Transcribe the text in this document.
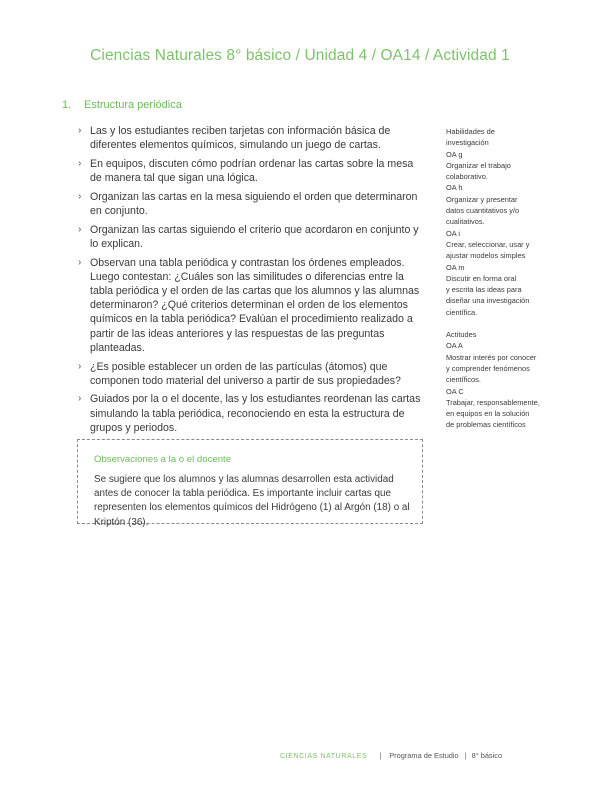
Ciencias Naturales 8° básico / Unidad 4 / OA14 / Actividad 1
1. Estructura periódica
› Las y los estudiantes reciben tarjetas con información básica de diferentes elementos químicos, simulando un juego de cartas.
› En equipos, discuten cómo podrían ordenar las cartas sobre la mesa de manera tal que sigan una lógica.
› Organizan las cartas en la mesa siguiendo el orden que determinaron en conjunto.
› Organizan las cartas siguiendo el criterio que acordaron en conjunto y lo explican.
› Observan una tabla periódica y contrastan los órdenes empleados. Luego contestan: ¿Cuáles son las similitudes o diferencias entre la tabla periódica y el orden de las cartas que los alumnos y las alumnas determinaron? ¿Qué criterios determinan el orden de los elementos químicos en la tabla periódica? Evalúan el procedimiento realizado a partir de las ideas anteriores y las respuestas de las preguntas planteadas.
› ¿Es posible establecer un orden de las partículas (átomos) que componen todo material del universo a partir de sus propiedades?
› Guiados por la o el docente, las y los estudiantes reordenan las cartas simulando la tabla periódica, reconociendo en esta la estructura de grupos y periodos.
Habilidades de
investigación
OA g
Organizar el trabajo
colaborativo.
OA h
Organizar y presentar
datos cuantitativos y/o
cualitativos.
OA i
Crear, seleccionar, usar y
ajustar modelos simples
OA m
Discutir en forma oral
y escrita las ideas para
diseñar una investigación
científica.
Actitudes
OA A
Mostrar interés por conocer
y comprender fenómenos
científicos.
OA C
Trabajar, responsablemente,
en equipos en la solución
de problemas científicos
Observaciones a la o el docente
Se sugiere que los alumnos y las alumnas desarrollen esta actividad antes de conocer la tabla periódica. Es importante incluir cartas que representen los elementos químicos del Hidrógeno (1) al Argón (18) o al Kriptón (36).
CIENCIAS NATURALES | Programa de Estudio | 8° básico
